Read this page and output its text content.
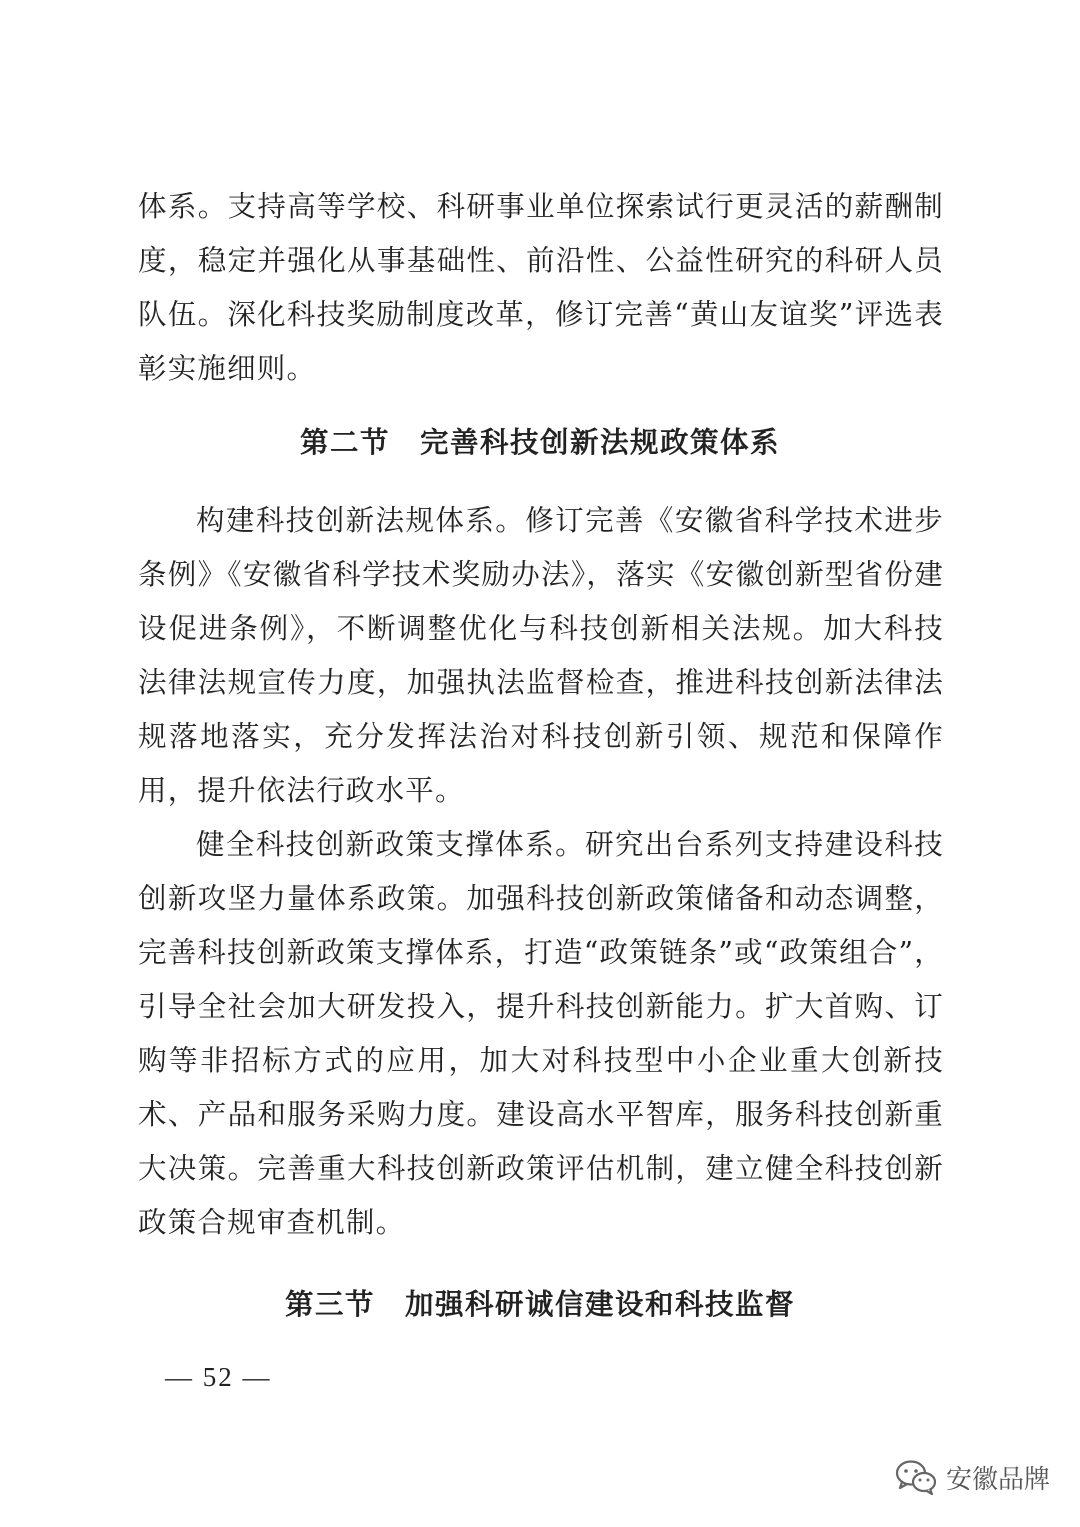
体系。支持高等学校、科研事业单位探索试行更灵活的薪酬制度，稳定并强化从事基础性、前沿性、公益性研究的科研人员队伍。深化科技奖励制度改革，修订完善“黄山友谊奖”评选表彰实施细则。

第二节　完善科技创新法规政策体系

构建科技创新法规体系。修订完善《安徽省科学技术进步条例》《安徽省科学技术奖励办法》，落实《安徽创新型省份建设促进条例》，不断调整优化与科技创新相关法规。加大科技法律法规宣传力度，加强执法监督检查，推进科技创新法律法规落地落实，充分发挥法治对科技创新引领、规范和保障作用，提升依法行政水平。

健全科技创新政策支撑体系。研究出台系列支持建设科技创新攻坚力量体系政策。加强科技创新政策储备和动态调整，完善科技创新政策支撑体系，打造“政策链条”或“政策组合”，引导全社会加大研发投入，提升科技创新能力。扩大首购、订购等非招标方式的应用，加大对科技型中小企业重大创新技术、产品和服务采购力度。建设高水平智库，服务科技创新重大决策。完善重大科技创新政策评估机制，建立健全科技创新政策合规审查机制。

第三节　加强科研诚信建设和科技监督
— 52 —
安徽品牌
